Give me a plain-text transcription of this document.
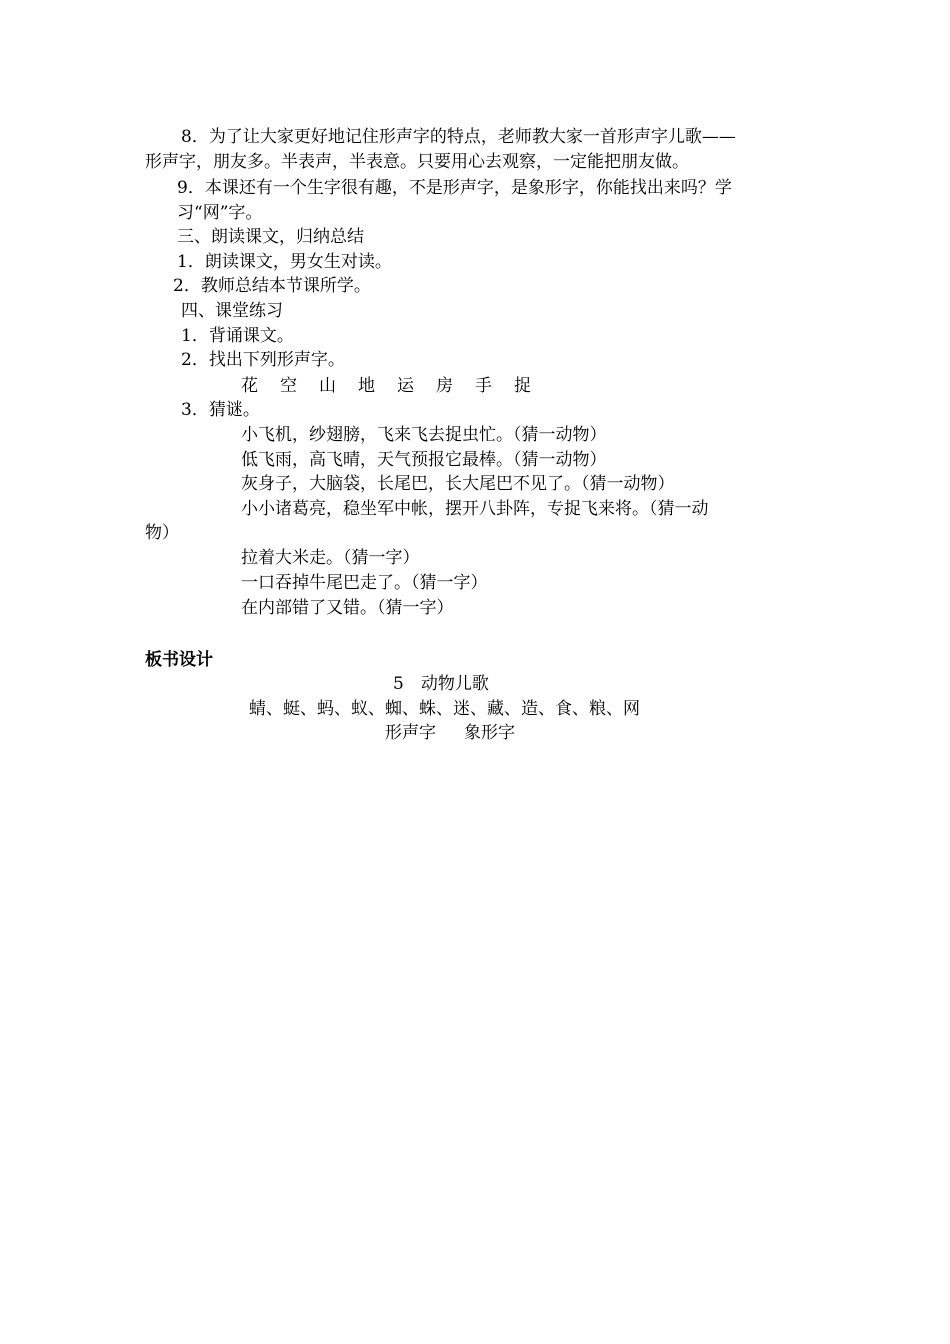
8．为了让大家更好地记住形声字的特点，老师教大家一首形声字儿歌——
形声字，朋友多。半表声，半表意。只要用心去观察，一定能把朋友做。
9．本课还有一个生字很有趣，不是形声字，是象形字，你能找出来吗？学
习“网”字。
三、朗读课文，归纳总结
1．朗读课文，男女生对读。
2．教师总结本节课所学。
四、课堂练习
1．背诵课文。
2．找出下列形声字。
花 空 山 地 运 房 手 捉
3．猜谜。
小飞机，纱翅膀，飞来飞去捉虫忙。（猜一动物）
低飞雨，高飞晴，天气预报它最棒。（猜一动物）
灰身子，大脑袋，长尾巴，长大尾巴不见了。（猜一动物）
小小诸葛亮，稳坐军中帐，摆开八卦阵，专捉飞来将。（猜一动
物）
拉着大米走。（猜一字）
一口吞掉牛尾巴走了。（猜一字）
在内部错了又错。（猜一字）
板书设计
5　动物儿歌
蜻、蜓、蚂、蚁、蜘、蛛、迷、藏、造、食、粮、网
形声字 象形字
